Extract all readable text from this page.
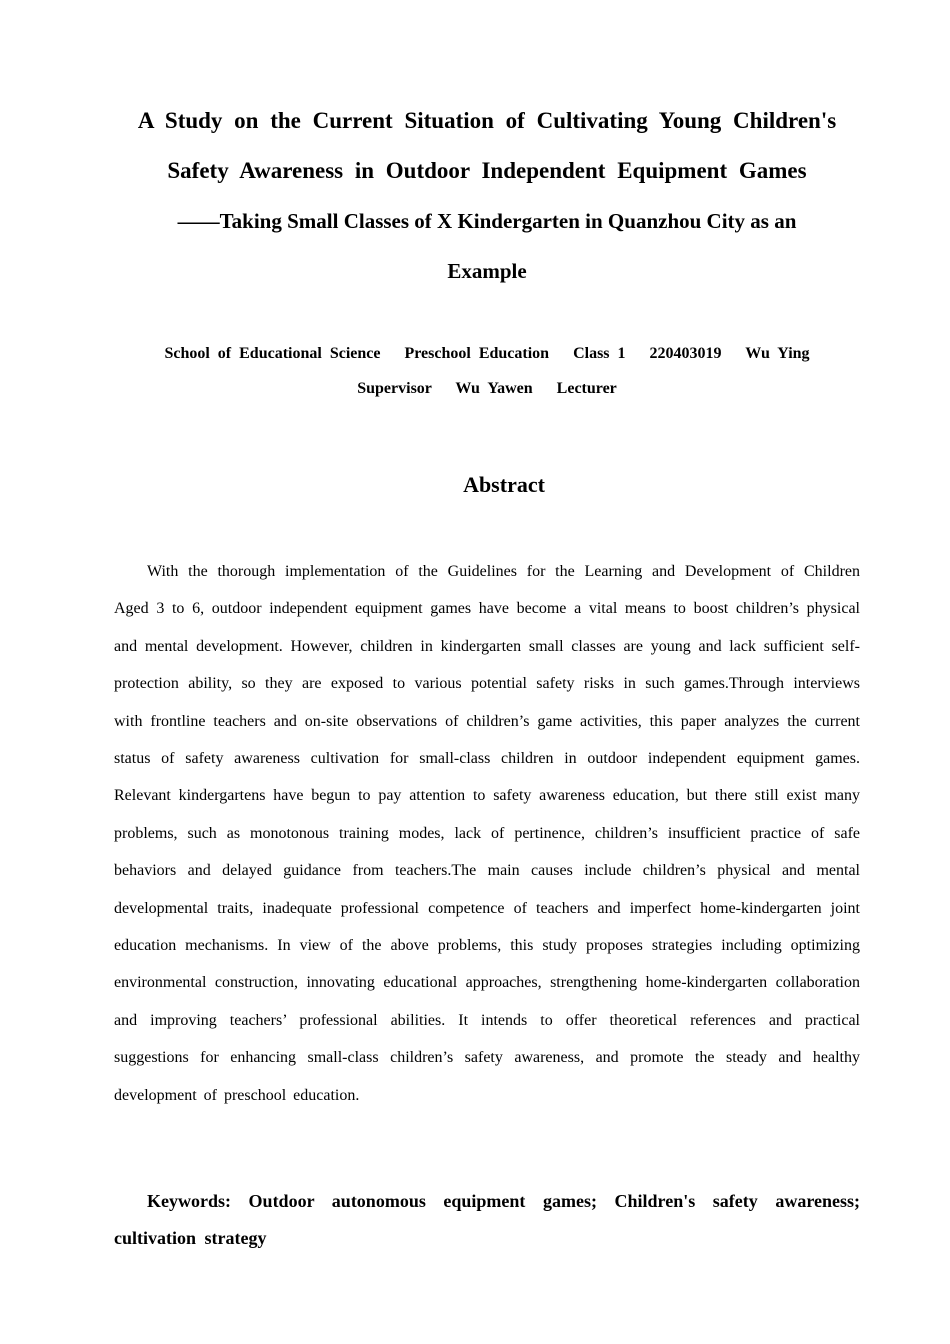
A Study on the Current Situation of Cultivating Young Children's

Safety Awareness in Outdoor Independent Equipment Games

——Taking Small Classes of X Kindergarten in Quanzhou City as an

Example

School of Educational Science   Preschool Education   Class 1   220403019   Wu Ying

Supervisor   Wu Yawen   Lecturer

Abstract

With the thorough implementation of the Guidelines for the Learning and Development of Children Aged 3 to 6, outdoor independent equipment games have become a vital means to boost children’s physical and mental development. However, children in kindergarten small classes are young and lack sufficient self-protection ability, so they are exposed to various potential safety risks in such games.Through interviews with frontline teachers and on-site observations of children’s game activities, this paper analyzes the current status of safety awareness cultivation for small-class children in outdoor independent equipment games. Relevant kindergartens have begun to pay attention to safety awareness education, but there still exist many problems, such as monotonous training modes, lack of pertinence, children’s insufficient practice of safe behaviors and delayed guidance from teachers.The main causes include children’s physical and mental developmental traits, inadequate professional competence of teachers and imperfect home-kindergarten joint education mechanisms. In view of the above problems, this study proposes strategies including optimizing environmental construction, innovating educational approaches, strengthening home-kindergarten collaboration and improving teachers’ professional abilities. It intends to offer theoretical references and practical suggestions for enhancing small-class children’s safety awareness, and promote the steady and healthy development of preschool education.

Keywords: Outdoor autonomous equipment games; Children's safety awareness; cultivation strategy
